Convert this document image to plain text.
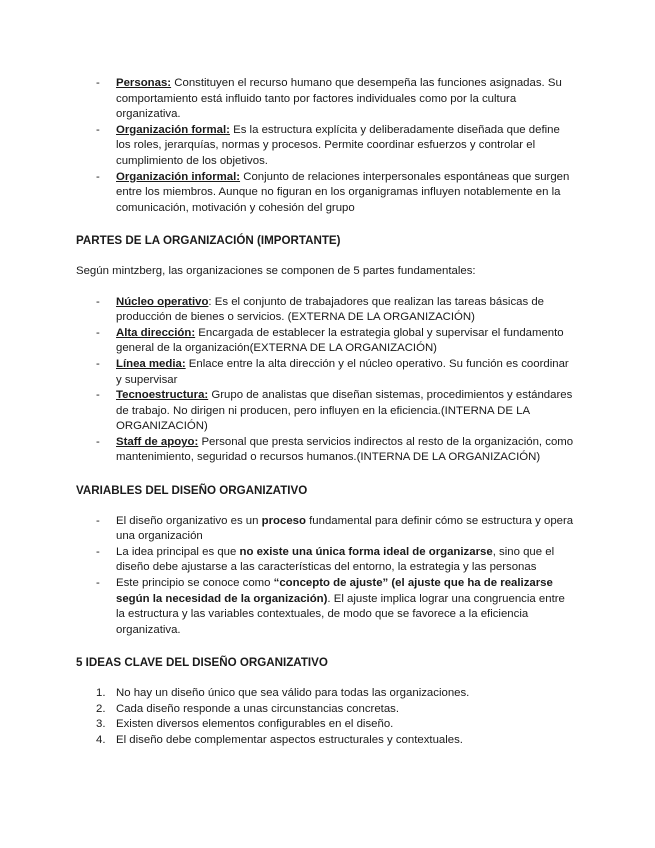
- Personas: Constituyen el recurso humano que desempeña las funciones asignadas. Su comportamiento está influido tanto por factores individuales como por la cultura organizativa.
- Organización formal: Es la estructura explícita y deliberadamente diseñada que define los roles, jerarquías, normas y procesos. Permite coordinar esfuerzos y controlar el cumplimiento de los objetivos.
- Organización informal: Conjunto de relaciones interpersonales espontáneas que surgen entre los miembros. Aunque no figuran en los organigramas influyen notablemente en la comunicación, motivación y cohesión del grupo

PARTES DE LA ORGANIZACIÓN (IMPORTANTE)

Según mintzberg, las organizaciones se componen de 5 partes fundamentales:

- Núcleo operativo: Es el conjunto de trabajadores que realizan las tareas básicas de producción de bienes o servicios. (EXTERNA DE LA ORGANIZACIÓN)
- Alta dirección: Encargada de establecer la estrategia global y supervisar el fundamento general de la organización(EXTERNA DE LA ORGANIZACIÓN)
- Línea media: Enlace entre la alta dirección y el núcleo operativo. Su función es coordinar y supervisar
- Tecnoestructura: Grupo de analistas que diseñan sistemas, procedimientos y estándares de trabajo. No dirigen ni producen, pero influyen en la eficiencia.(INTERNA DE LA ORGANIZACIÓN)
- Staff de apoyo: Personal que presta servicios indirectos al resto de la organización, como mantenimiento, seguridad o recursos humanos.(INTERNA DE LA ORGANIZACIÓN)

VARIABLES DEL DISEÑO ORGANIZATIVO

- El diseño organizativo es un proceso fundamental para definir cómo se estructura y opera una organización
- La idea principal es que no existe una única forma ideal de organizarse, sino que el diseño debe ajustarse a las características del entorno, la estrategia y las personas
- Este principio se conoce como “concepto de ajuste” (el ajuste que ha de realizarse según la necesidad de la organización). El ajuste implica lograr una congruencia entre la estructura y las variables contextuales, de modo que se favorece a la eficiencia organizativa.

5 IDEAS CLAVE DEL DISEÑO ORGANIZATIVO

1. No hay un diseño único que sea válido para todas las organizaciones.
2. Cada diseño responde a unas circunstancias concretas.
3. Existen diversos elementos configurables en el diseño.
4. El diseño debe complementar aspectos estructurales y contextuales.
